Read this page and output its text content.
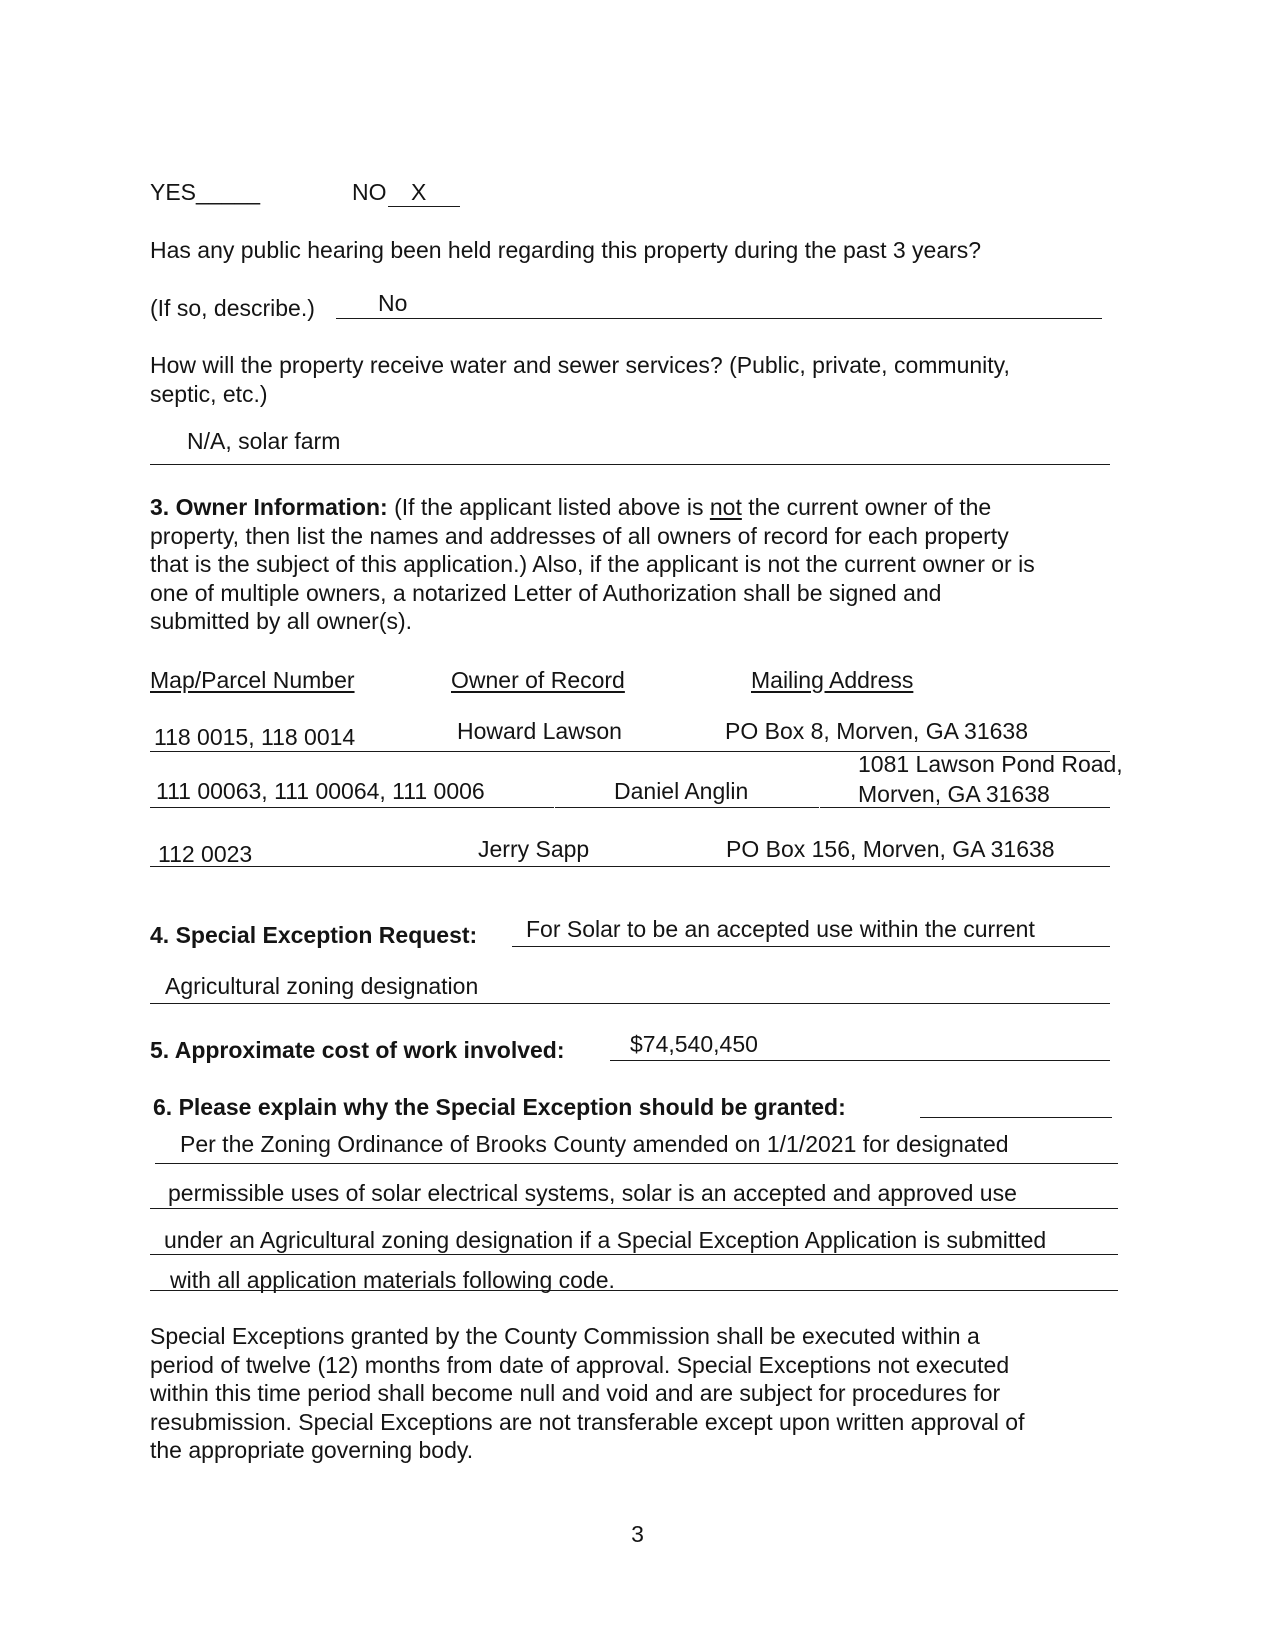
YES_____	NO X
Has any public hearing been held regarding this property during the past 3 years?
(If so, describe.)	No
How will the property receive water and sewer services? (Public, private, community,
septic, etc.)
N/A, solar farm
3. Owner Information: (If the applicant listed above is not the current owner of the
property, then list the names and addresses of all owners of record for each property
that is the subject of this application.) Also, if the applicant is not the current owner or is
one of multiple owners, a notarized Letter of Authorization shall be signed and
submitted by all owner(s).
Map/Parcel Number	Owner of Record	Mailing Address
118 0015, 118 0014	Howard Lawson	PO Box 8, Morven, GA 31638
111 00063, 111 00064, 111 0006	Daniel Anglin
1081 Lawson Pond Road,
Morven, GA 31638
112 0023	Jerry Sapp	PO Box 156, Morven, GA 31638
4. Special Exception Request: For Solar to be an accepted use within the current
Agricultural zoning designation
5. Approximate cost of work involved:	$74,540,450
6. Please explain why the Special Exception should be granted:
Per the Zoning Ordinance of Brooks County amended on 1/1/2021 for designated
permissible uses of solar electrical systems, solar is an accepted and approved use
under an Agricultural zoning designation if a Special Exception Application is submitted
with all application materials following code.
Special Exceptions granted by the County Commission shall be executed within a
period of twelve (12) months from date of approval. Special Exceptions not executed
within this time period shall become null and void and are subject for procedures for
resubmission. Special Exceptions are not transferable except upon written approval of
the appropriate governing body.
3
